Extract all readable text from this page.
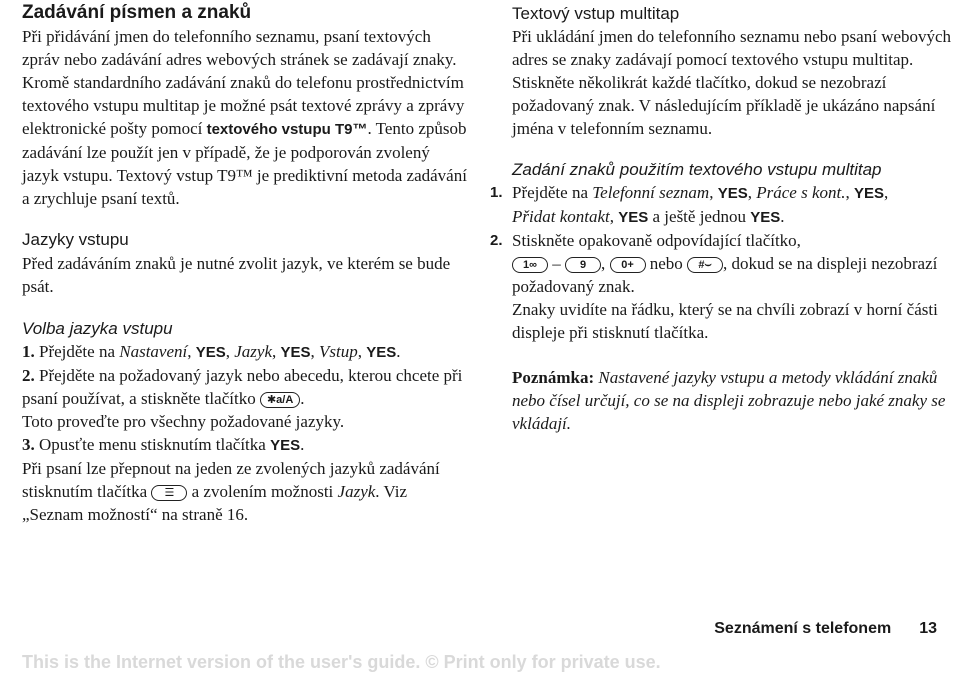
Zadávání písmen a znaků

Při přidávání jmen do telefonního seznamu, psaní textových zpráv nebo zadávání adres webových stránek se zadávají znaky.

Kromě standardního zadávání znaků do telefonu prostřednictvím textového vstupu multitap je možné psát textové zprávy a zprávy elektronické pošty pomocí textového vstupu T9™. Tento způsob zadávání lze použít jen v případě, že je podporován zvolený jazyk vstupu. Textový vstup T9™ je prediktivní metoda zadávání a zrychluje psaní textů.

Jazyky vstupu

Před zadáváním znaků je nutné zvolit jazyk, ve kterém se bude psát.

Volba jazyka vstupu
1. Přejděte na Nastavení, YES, Jazyk, YES, Vstup, YES.
2. Přejděte na požadovaný jazyk nebo abecedu, kterou chcete při psaní používat, a stiskněte tlačítko ✱a/A .
Toto proveďte pro všechny požadované jazyky.
3. Opusťte menu stisknutím tlačítka YES.
Při psaní lze přepnout na jeden ze zvolených jazyků zadávání stisknutím tlačítka ☰ a zvolením možnosti Jazyk. Viz „Seznam možností“ na straně 16.
Textový vstup multitap

Při ukládání jmen do telefonního seznamu nebo psaní webových adres se znaky zadávají pomocí textového vstupu multitap. Stiskněte několikrát každé tlačítko, dokud se nezobrazí požadovaný znak. V následujícím příkladě je ukázáno napsání jména v telefonním seznamu.

Zadání znaků použitím textového vstupu multitap
1. Přejděte na Telefonní seznam, YES, Práce s kont., YES,
Přidat kontakt, YES a ještě jednou YES.
2. Stiskněte opakovaně odpovídající tlačítko,
1∞ – 9 , 0+ nebo #⌣ , dokud se na displeji nezobrazí požadovaný znak.
Znaky uvidíte na řádku, který se na chvíli zobrazí v horní části displeje při stisknutí tlačítka.

Poznámka: Nastavené jazyky vstupu a metody vkládání znaků nebo čísel určují, co se na displeji zobrazuje nebo jaké znaky se vkládají.

Seznámení s telefonem 13
This is the Internet version of the user's guide. © Print only for private use.
